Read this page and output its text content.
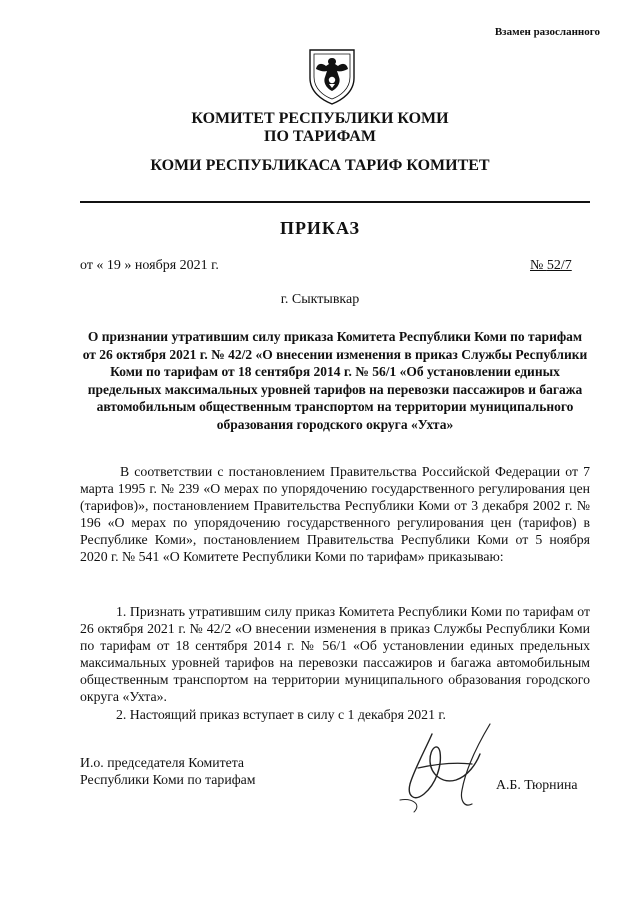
Взамен разосланного
КОМИТЕТ РЕСПУБЛИКИ КОМИ
ПО ТАРИФАМ
КОМИ РЕСПУБЛИКАСА ТАРИФ КОМИТЕТ
ПРИКАЗ
от « 19 » ноября 2021 г.	№ 52/7
г. Сыктывкар
О признании утратившим силу приказа Комитета Республики Коми по тарифам от 26 октября 2021 г. № 42/2 «О внесении изменения в приказ Службы Республики Коми по тарифам от 18 сентября 2014 г. № 56/1 «Об установлении единых предельных максимальных уровней тарифов на перевозки пассажиров и багажа автомобильным общественным транспортом на территории муниципального образования городского округа «Ухта»
В соответствии с постановлением Правительства Российской Федерации от 7 марта 1995 г. № 239 «О мерах по упорядочению государственного регулирования цен (тарифов)», постановлением Правительства Республики Коми от 3 декабря 2002 г. № 196 «О мерах по упорядочению государственного регулирования цен (тарифов) в Республике Коми», постановлением Правительства Республики Коми от 5 ноября 2020 г. № 541 «О Комитете Республики Коми по тарифам» приказываю:
1. Признать утратившим силу приказ Комитета Республики Коми по тарифам от 26 октября 2021 г. № 42/2 «О внесении изменения в приказ Службы Республики Коми по тарифам от 18 сентября 2014 г. № 56/1 «Об установлении единых предельных максимальных уровней тарифов на перевозки пассажиров и багажа автомобильным общественным транспортом на территории муниципального образования городского округа «Ухта».
2. Настоящий приказ вступает в силу с 1 декабря 2021 г.
И.о. председателя Комитета
Республики Коми по тарифам	А.Б. Тюрнина
